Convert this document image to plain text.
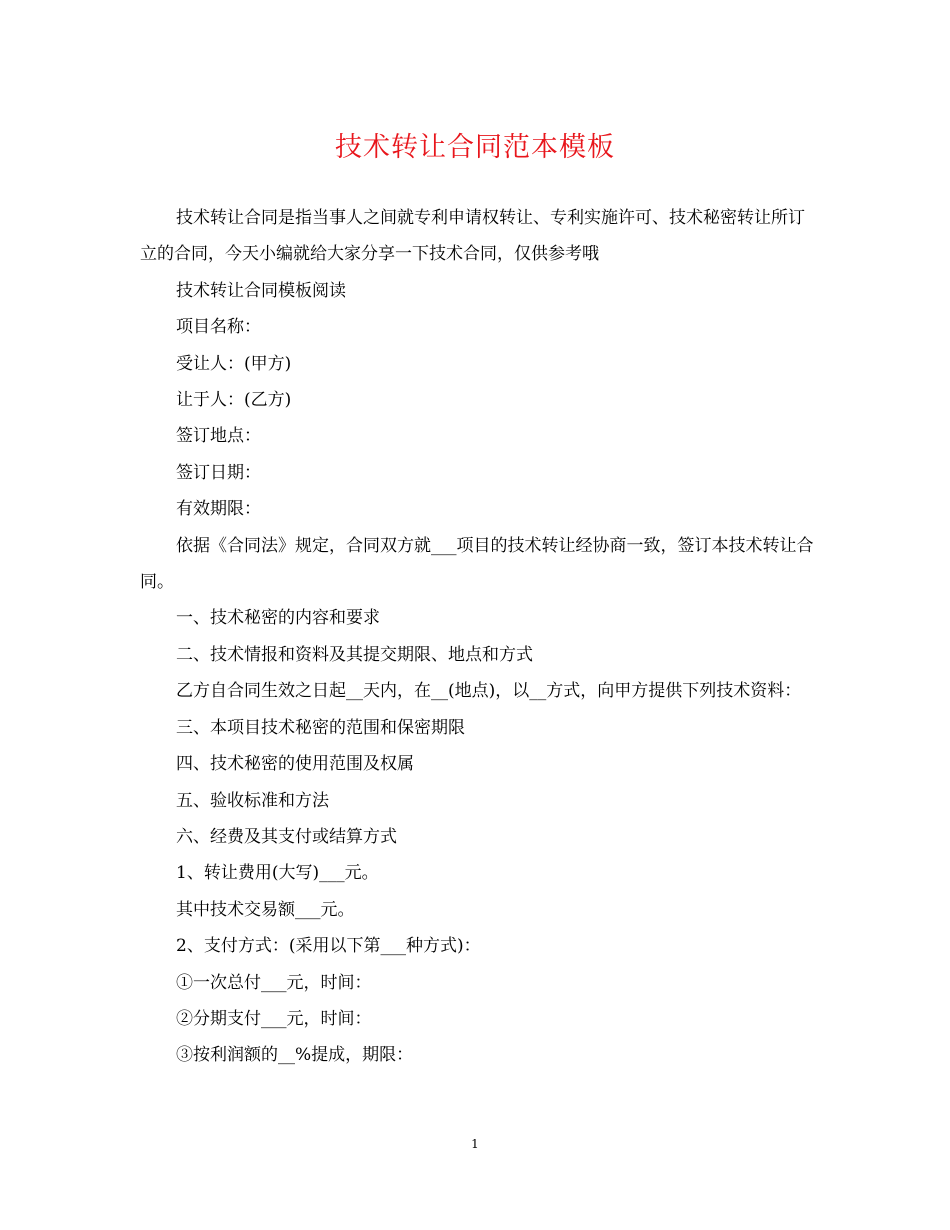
技术转让合同范本模板

技术转让合同是指当事人之间就专利申请权转让、专利实施许可、技术秘密转让所订立的合同，今天小编就给大家分享一下技术合同，仅供参考哦

技术转让合同模板阅读

项目名称：

受让人：(甲方)

让于人：(乙方)

签订地点：

签订日期：

有效期限：

依据《合同法》规定，合同双方就___项目的技术转让经协商一致，签订本技术转让合同。

一、技术秘密的内容和要求

二、技术情报和资料及其提交期限、地点和方式

乙方自合同生效之日起__天内，在__(地点)，以__方式，向甲方提供下列技术资料：

三、本项目技术秘密的范围和保密期限

四、技术秘密的使用范围及权属

五、验收标准和方法

六、经费及其支付或结算方式

1、转让费用(大写)___元。

其中技术交易额___元。

2、支付方式：(采用以下第___种方式)：

①一次总付___元，时间：

②分期支付___元，时间：

③按利润额的__%提成，期限：

1
